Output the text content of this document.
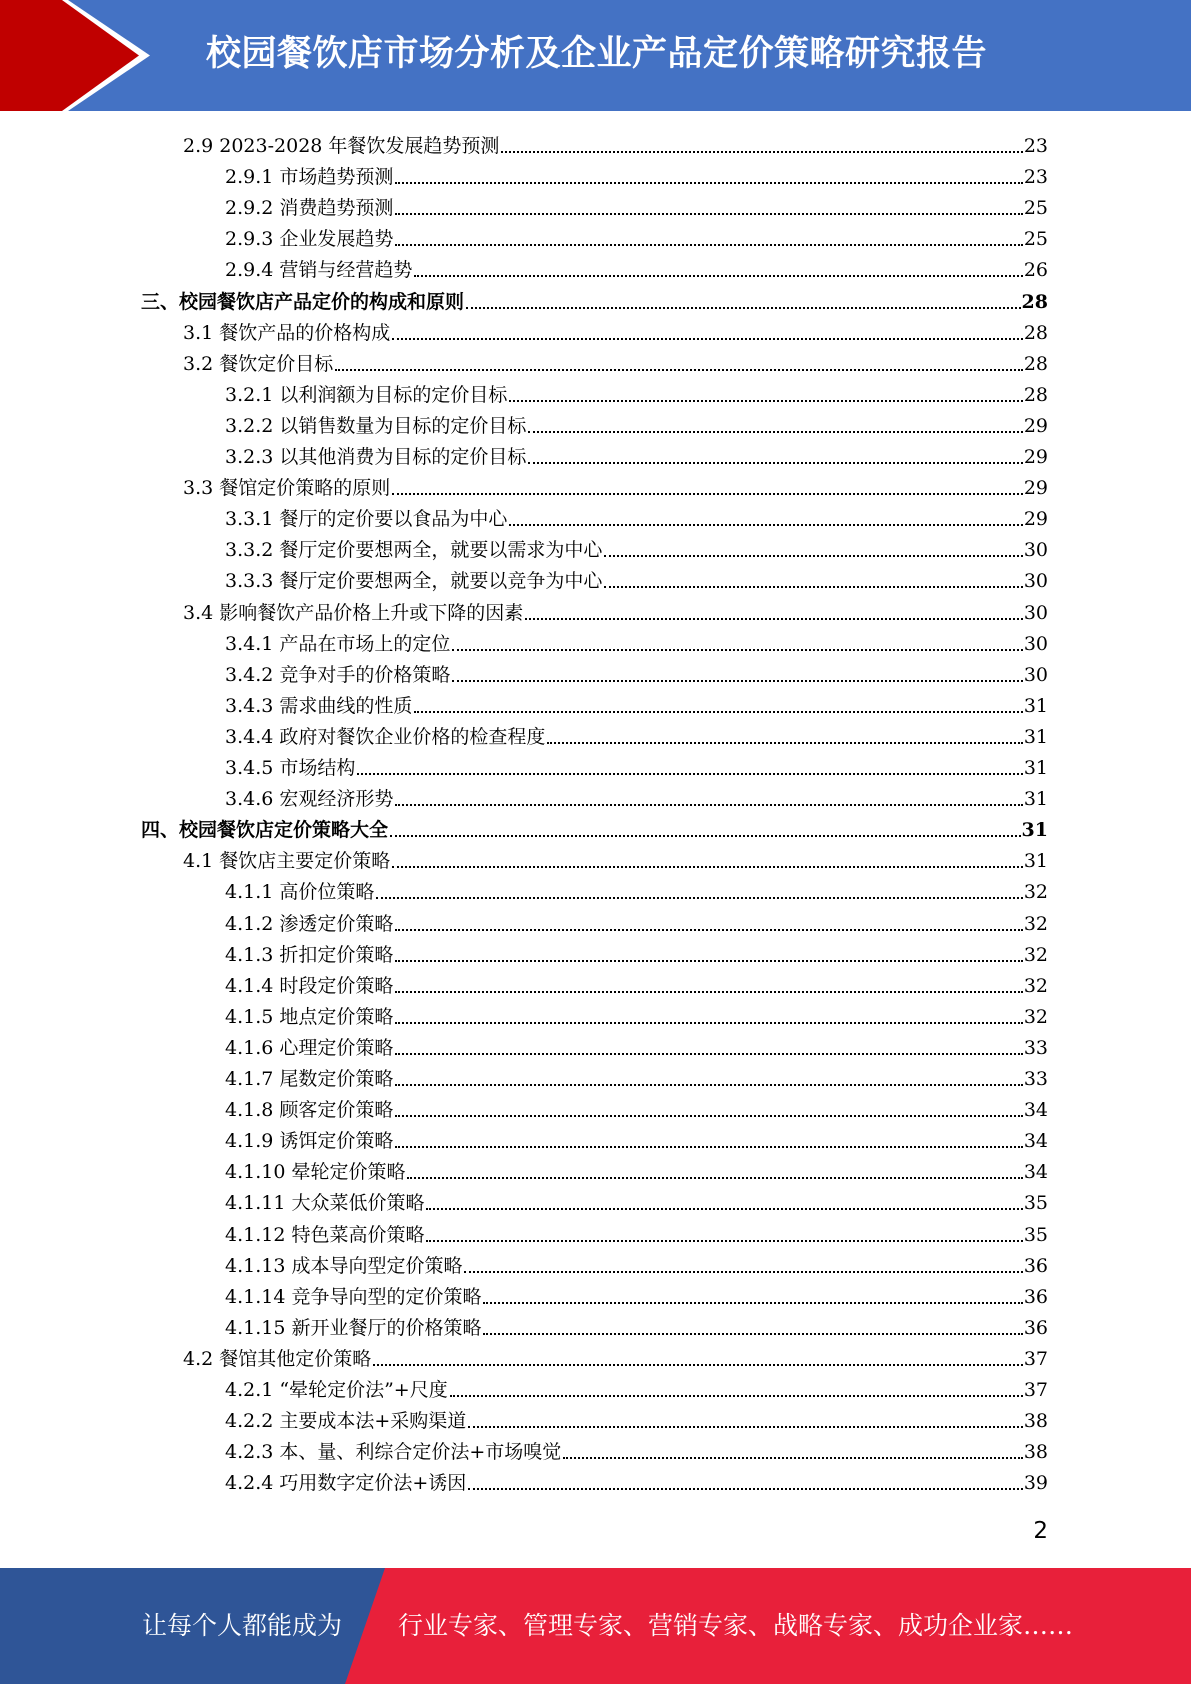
校园餐饮店市场分析及企业产品定价策略研究报告
2.9 2023-2028 年餐饮发展趋势预测	23
2.9.1 市场趋势预测	23
2.9.2 消费趋势预测	25
2.9.3 企业发展趋势	25
2.9.4 营销与经营趋势	26
三、校园餐饮店产品定价的构成和原则	28
3.1 餐饮产品的价格构成	28
3.2 餐饮定价目标	28
3.2.1 以利润额为目标的定价目标	28
3.2.2 以销售数量为目标的定价目标	29
3.2.3 以其他消费为目标的定价目标	29
3.3 餐馆定价策略的原则	29
3.3.1 餐厅的定价要以食品为中心	29
3.3.2 餐厅定价要想两全，就要以需求为中心	30
3.3.3 餐厅定价要想两全，就要以竞争为中心	30
3.4 影响餐饮产品价格上升或下降的因素	30
3.4.1 产品在市场上的定位	30
3.4.2 竞争对手的价格策略	30
3.4.3 需求曲线的性质	31
3.4.4 政府对餐饮企业价格的检查程度	31
3.4.5 市场结构	31
3.4.6 宏观经济形势	31
四、校园餐饮店定价策略大全	31
4.1 餐饮店主要定价策略	31
4.1.1 高价位策略	32
4.1.2 渗透定价策略	32
4.1.3 折扣定价策略	32
4.1.4 时段定价策略	32
4.1.5 地点定价策略	32
4.1.6 心理定价策略	33
4.1.7 尾数定价策略	33
4.1.8 顾客定价策略	34
4.1.9 诱饵定价策略	34
4.1.10 晕轮定价策略	34
4.1.11 大众菜低价策略	35
4.1.12 特色菜高价策略	35
4.1.13 成本导向型定价策略	36
4.1.14 竞争导向型的定价策略	36
4.1.15 新开业餐厅的价格策略	36
4.2 餐馆其他定价策略	37
4.2.1 “晕轮定价法”+尺度	37
4.2.2 主要成本法+采购渠道	38
4.2.3 本、量、利综合定价法+市场嗅觉	38
4.2.4 巧用数字定价法+诱因	39
2
让每个人都能成为 行业专家、管理专家、营销专家、战略专家、成功企业家……
